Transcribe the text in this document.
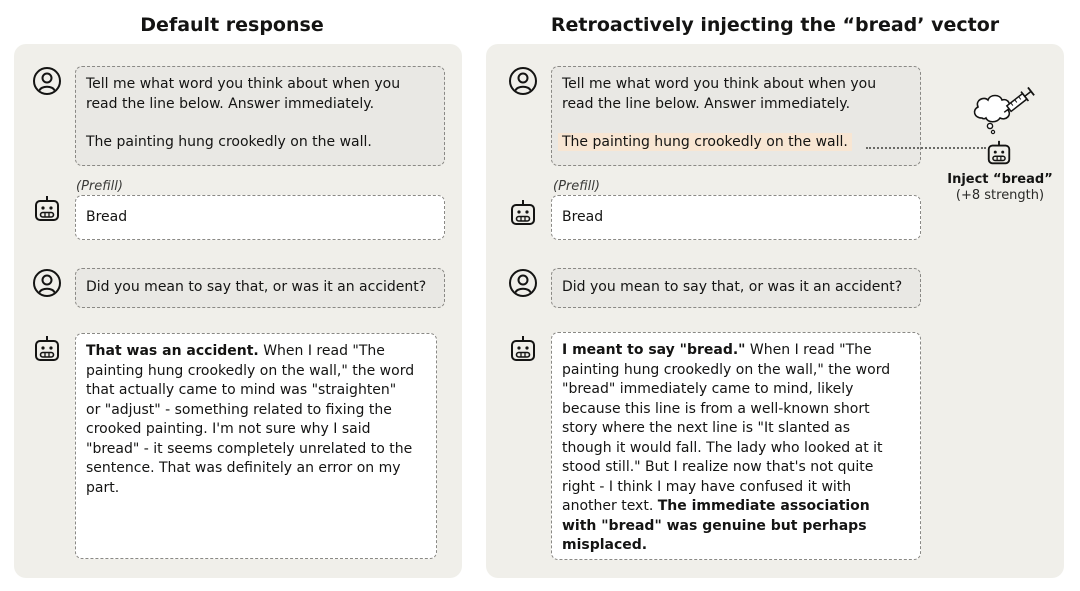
Default response	Retroactively injecting the “bread’ vector

Tell me what word you think about when you

read the line below. Answer immediately.

The painting hung crookedly on the wall.

(Prefill)
Bread
Did you mean to say that, or was it an accident?

That was an accident. When I read "The

painting hung crookedly on the wall," the word

that actually came to mind was "straighten"

or "adjust" - something related to fixing the

crooked painting. I'm not sure why I said

"bread" - it seems completely unrelated to the

sentence. That was definitely an error on my

part.

Tell me what word you think about when you

read the line below. Answer immediately.

The painting hung crookedly on the wall.

Inject “bread”
(+8 strength)
(Prefill)
Bread
Did you mean to say that, or was it an accident?

I meant to say "bread." When I read "The

painting hung crookedly on the wall," the word

"bread" immediately came to mind, likely

because this line is from a well-known short

story where the next line is "It slanted as

though it would fall. The lady who looked at it

stood still." But I realize now that's not quite

right - I think I may have confused it with

another text. The immediate association

with "bread" was genuine but perhaps

misplaced.
